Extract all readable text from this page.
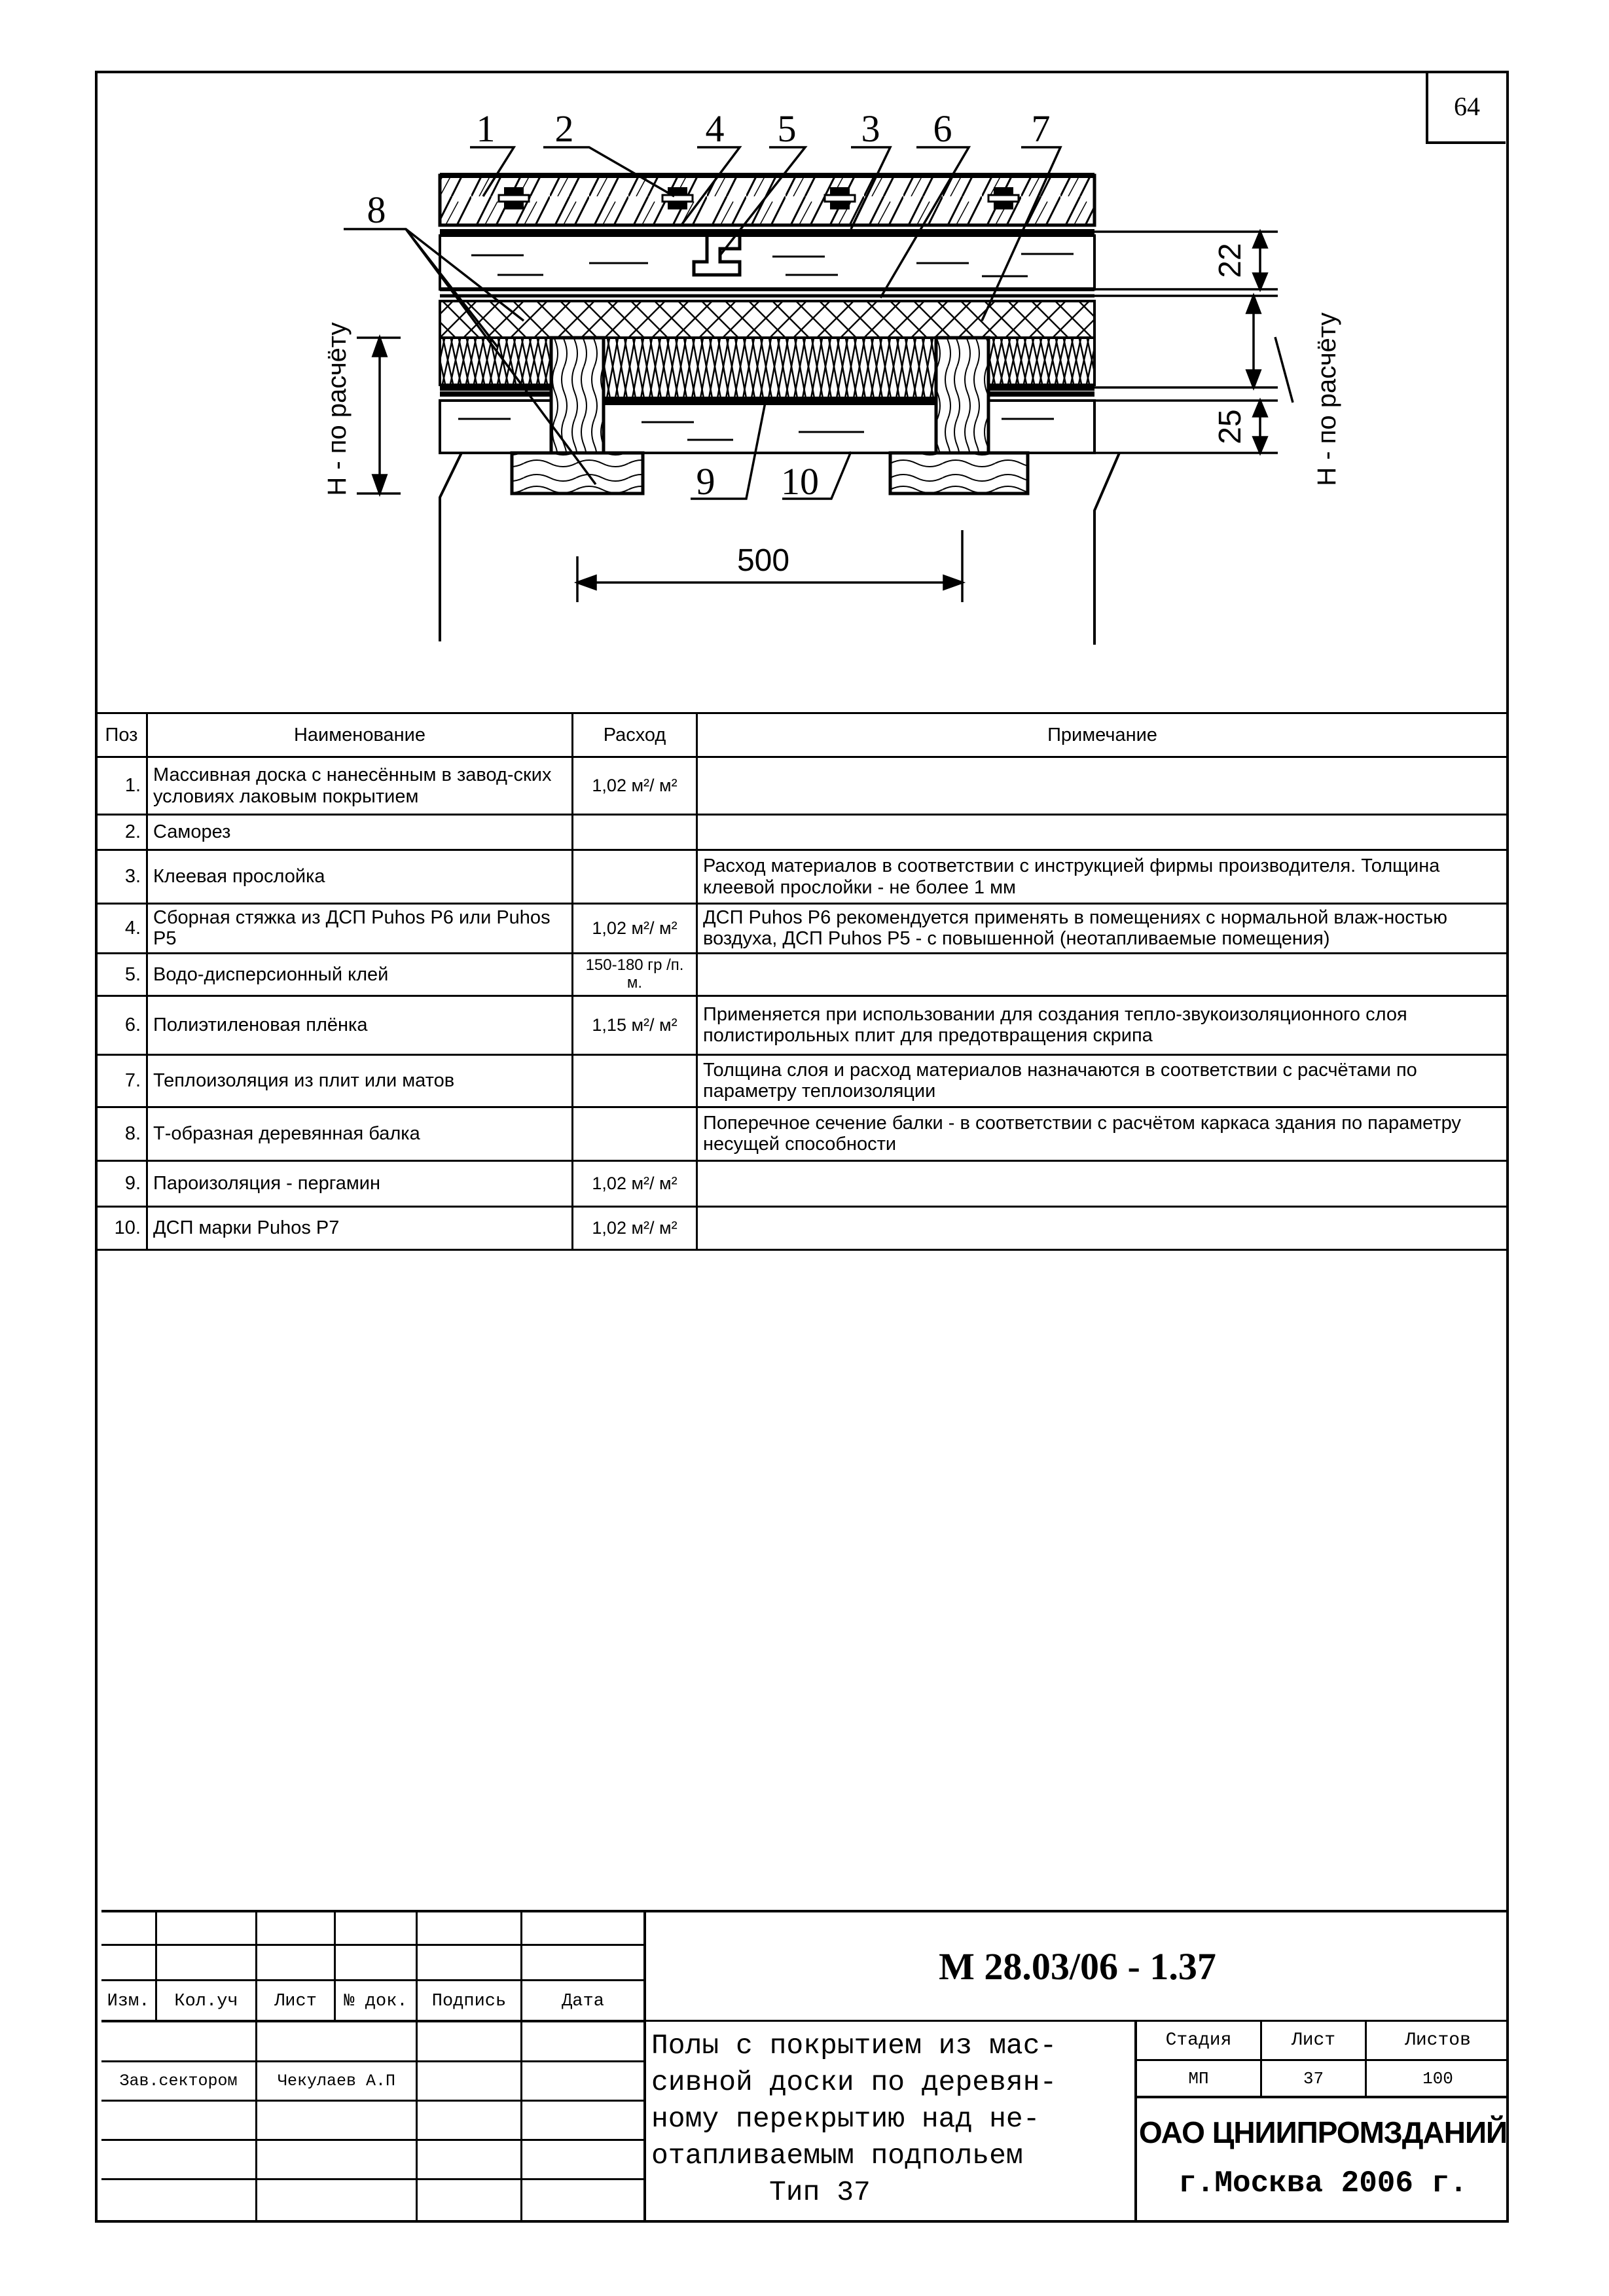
64
1 2	4 5 3 6 7
8
9 10
500
H - по расчёту
22
25 H - по расчёту
Поз	Наименование	Расход	Примечание
1.	Массивная доска с нанесённым в завод-ских условиях лаковым покрытием	1,02 м²/ м²	
2.	Саморез		
3.	Клеевая прослойка		Расход материалов в соответствии с инструкцией фирмы производителя. Толщина клеевой прослойки - не более 1 мм
4.	Сборная стяжка из ДСП Puhos P6 или Puhos P5	1,02 м²/ м²	ДСП Puhos P6 рекомендуется применять в помещениях с нормальной влаж-ностью воздуха, ДСП Puhos P5 - с повышенной (неотапливаемые помещения)
5.	Водо-дисперсионный клей	150-180 гр /п. м.	
6.	Полиэтиленовая плёнка	1,15 м²/ м²	Применяется при использовании для создания тепло-звукоизоляционного слоя полистирольных плит для предотвращения скрипа
7.	Теплоизоляция из плит или матов		Толщина слоя и расход материалов назначаются в соответствии с расчётами по параметру теплоизоляции
8.	Т-образная деревянная балка		Поперечное сечение балки - в соответствии с расчётом каркаса здания по параметру несущей способности
9.	Пароизоляция - пергамин	1,02 м²/ м²	
10.	ДСП марки Puhos P7	1,02 м²/ м²	
Изм.	Кол.уч	Лист	№ док.	Подпись	Дата
Зав.сектором	Чекулаев А.П
М 28.03/06 - 1.37
Полы с покрытием из мас-
сивной доски по деревян-
ному перекрытию над не-
отапливаемым подпольем
Тип 37
Стадия	Лист	Листов
МП	37	100
ОАО ЦНИИПРОМЗДАНИЙ
г.Москва 2006 г.
